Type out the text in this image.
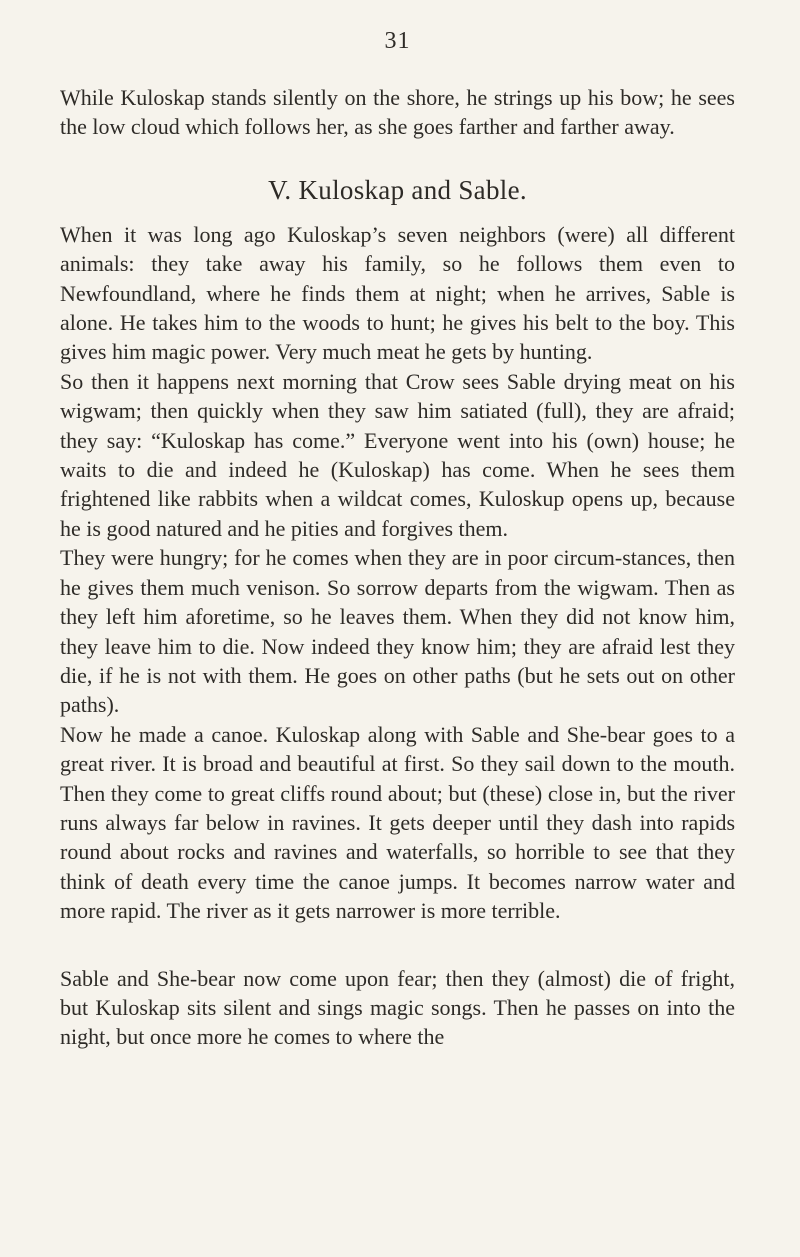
31

While Kuloskap stands silently on the shore, he strings up his bow; he sees the low cloud which follows her, as she goes farther and farther away.

V. Kuloskap and Sable.

When it was long ago Kuloskap’s seven neighbors (were) all different animals: they take away his family, so he follows them even to Newfoundland, where he finds them at night; when he arrives, Sable is alone. He takes him to the woods to hunt; he gives his belt to the boy. This gives him magic power. Very much meat he gets by hunting.

So then it happens next morning that Crow sees Sable drying meat on his wigwam; then quickly when they saw him satiated (full), they are afraid; they say: “Kuloskap has come.” Everyone went into his (own) house; he waits to die and indeed he (Kuloskap) has come. When he sees them frightened like rabbits when a wildcat comes, Kuloskup opens up, because he is good natured and he pities and forgives them.

They were hungry; for he comes when they are in poor circum-stances, then he gives them much venison. So sorrow departs from the wigwam. Then as they left him aforetime, so he leaves them. When they did not know him, they leave him to die. Now indeed they know him; they are afraid lest they die, if he is not with them. He goes on other paths (but he sets out on other paths).

Now he made a canoe. Kuloskap along with Sable and She-bear goes to a great river. It is broad and beautiful at first. So they sail down to the mouth. Then they come to great cliffs round about; but (these) close in, but the river runs always far below in ravines. It gets deeper until they dash into rapids round about rocks and ravines and waterfalls, so horrible to see that they think of death every time the canoe jumps. It becomes narrow water and more rapid. The river as it gets narrower is more terrible.

Sable and She-bear now come upon fear; then they (almost) die of fright, but Kuloskap sits silent and sings magic songs. Then he passes on into the night, but once more he comes to where the
